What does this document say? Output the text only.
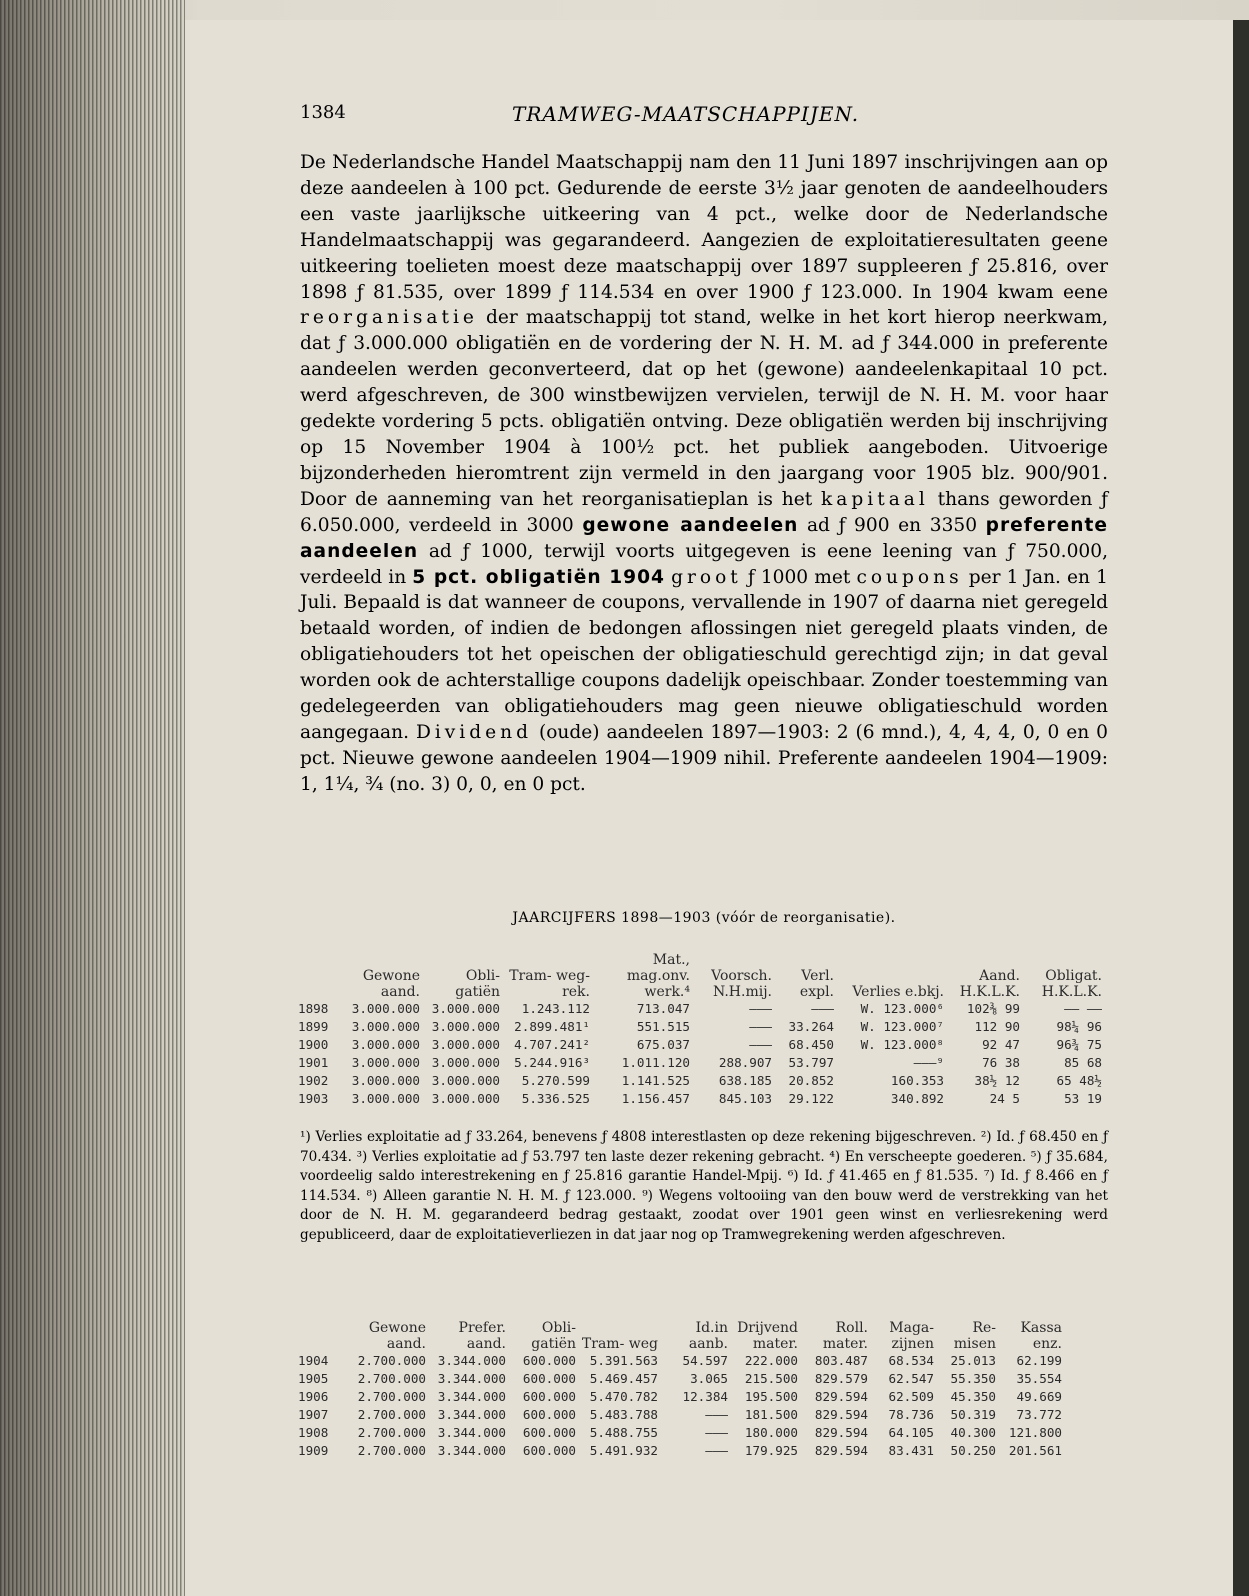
1384	TRAMWEG-MAATSCHAPPIJEN.

De Nederlandsche Handel Maatschappij nam den 11 Juni 1897 inschrijvingen aan op deze aandeelen à 100 pct. Gedurende de eerste 3½ jaar genoten de aandeelhouders een vaste jaarlijksche uitkeering van 4 pct., welke door de Nederlandsche Handelmaatschappij was gegarandeerd. Aangezien de exploitatieresultaten geene uitkeering toelieten moest deze maatschappij over 1897 suppleeren ƒ 25.816, over 1898 ƒ 81.535, over 1899 ƒ 114.534 en over 1900 ƒ 123.000. In 1904 kwam eene reorganisatie der maatschappij tot stand, welke in het kort hierop neerkwam, dat ƒ 3.000.000 obligatiën en de vordering der N. H. M. ad ƒ 344.000 in preferente aandeelen werden geconverteerd, dat op het (gewone) aandeelenkapitaal 10 pct. werd afgeschreven, de 300 winstbewijzen vervielen, terwijl de N. H. M. voor haar gedekte vordering 5 pcts. obligatiën ontving. Deze obligatiën werden bij inschrijving op 15 November 1904 à 100½ pct. het publiek aangeboden. Uitvoerige bijzonderheden hieromtrent zijn vermeld in den jaargang voor 1905 blz. 900/901. Door de aanneming van het reorganisatieplan is het kapitaal thans geworden ƒ 6.050.000, verdeeld in 3000 gewone aandeelen ad ƒ 900 en 3350 preferente aandeelen ad ƒ 1000, terwijl voorts uitgegeven is eene leening van ƒ 750.000, verdeeld in 5 pct. obligatiën 1904 groot ƒ 1000 met coupons per 1 Jan. en 1 Juli. Bepaald is dat wanneer de coupons, vervallende in 1907 of daarna niet geregeld betaald worden, of indien de bedongen aflossingen niet geregeld plaats vinden, de obligatiehouders tot het opeischen der obligatieschuld gerechtigd zijn; in dat geval worden ook de achterstallige coupons dadelijk opeischbaar. Zonder toestemming van gedelegeerden van obligatiehouders mag geen nieuwe obligatieschuld worden aangegaan. Dividend (oude) aandeelen 1897—1903: 2 (6 mnd.), 4, 4, 4, 0, 0 en 0 pct. Nieuwe gewone aandeelen 1904—1909 nihil. Preferente aandeelen 1904—1909: 1, 1¼, ¾ (no. 3) 0, 0, en 0 pct.

JAARCIJFERS 1898—1903 (vóór de reorganisatie).
	Gewone aand.	Obli- gatiën	Tram- weg-rek.	Mat., mag.onv. werk.⁴	Voorsch. N.H.mij.	Verl. expl.	Verlies e.bkj.	Aand. H.K.L.K.	Obligat. H.K.L.K.
1898	3.000.000	3.000.000	1.243.112	713.047	———	———	W. 123.000⁶	102⅜ 99	—— ——
1899	3.000.000	3.000.000	2.899.481¹	551.515	———	33.264	W. 123.000⁷	112 90	98¼ 96
1900	3.000.000	3.000.000	4.707.241²	675.037	———	68.450	W. 123.000⁸	92 47	96¾ 75
1901	3.000.000	3.000.000	5.244.916³	1.011.120	288.907	53.797	———⁹	76 38	85 68
1902	3.000.000	3.000.000	5.270.599	1.141.525	638.185	20.852	160.353	38½ 12	65 48½
1903	3.000.000	3.000.000	5.336.525	1.156.457	845.103	29.122	340.892	24 5	53 19
¹) Verlies exploitatie ad ƒ 33.264, benevens ƒ 4808 interestlasten op deze rekening bijgeschreven. ²) Id. ƒ 68.450 en ƒ 70.434. ³) Verlies exploitatie ad ƒ 53.797 ten laste dezer rekening gebracht. ⁴) En verscheepte goederen. ⁵) ƒ 35.684, voordeelig saldo interestrekening en ƒ 25.816 garantie Handel-Mpij. ⁶) Id. ƒ 41.465 en ƒ 81.535. ⁷) Id. ƒ 8.466 en ƒ 114.534. ⁸) Alleen garantie N. H. M. ƒ 123.000. ⁹) Wegens voltooiing van den bouw werd de verstrekking van het door de N. H. M. gegarandeerd bedrag gestaakt, zoodat over 1901 geen winst en verliesrekening werd gepubliceerd, daar de exploitatieverliezen in dat jaar nog op Tramwegrekening werden afgeschreven.
	Gewone aand.	Prefer. aand.	Obli- gatiën	Tram- weg	Id.in aanb.	Drijvend mater.	Roll. mater.	Maga- zijnen	Re- misen	Kassa enz.
1904	2.700.000	3.344.000	600.000	5.391.563	54.597	222.000	803.487	68.534	25.013	62.199
1905	2.700.000	3.344.000	600.000	5.469.457	3.065	215.500	829.579	62.547	55.350	35.554
1906	2.700.000	3.344.000	600.000	5.470.782	12.384	195.500	829.594	62.509	45.350	49.669
1907	2.700.000	3.344.000	600.000	5.483.788	———	181.500	829.594	78.736	50.319	73.772
1908	2.700.000	3.344.000	600.000	5.488.755	———	180.000	829.594	64.105	40.300	121.800
1909	2.700.000	3.344.000	600.000	5.491.932	———	179.925	829.594	83.431	50.250	201.561
